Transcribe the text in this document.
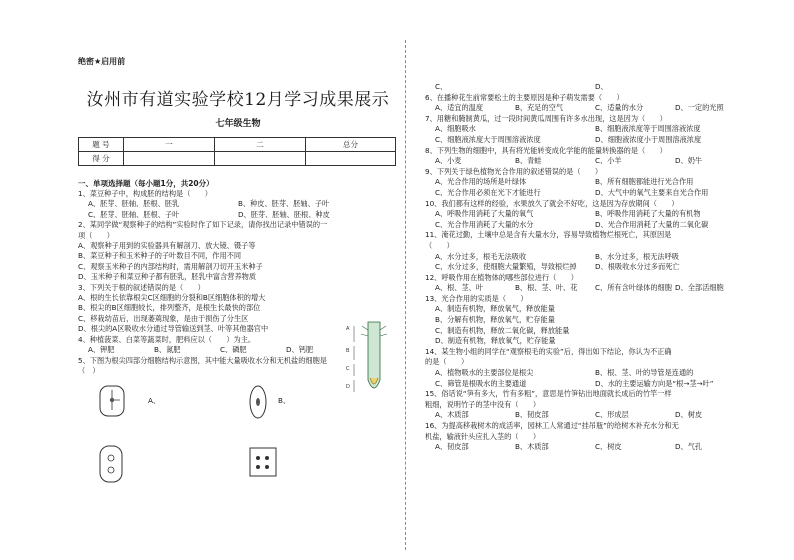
绝密★启用前
汝州市有道实验学校12月学习成果展示
七年级生物
题 号	一	二	总分
得 分			
一、单项选择题（每小题1分，共20分）
1、菜豆种子中，构成胚的结构是（　　）
A、胚芽、胚轴、胚根、胚乳	B、种皮、胚芽、胚轴、子叶
C、胚芽、胚轴、胚根、子叶	D、胚芽、胚轴、胚根、种皮
2、某同学做“观察种子的结构”实验时作了如下记录，请你找出记录中错误的一
项（　　）
A、观察种子用到的实验器具有解剖刀、放大镜、镊子等
B、菜豆种子和玉米种子的子叶数目不同，作用不同
C、观察玉米种子的内部结构时，需用解剖刀切开玉米种子
D、玉米种子和菜豆种子都有胚乳，胚乳中富含营养物质
3、下列关于根的叙述错误的是（　　）
A、根的生长依靠根尖C区细胞的分裂和B区细胞体积的增大
B、根尖的B区细胞较长，排列整齐，是根生长最快的部位
C、移栽幼苗后，出现萎蔫现象，是由于损伤了分生区
D、根尖的A区吸收水分通过导管输送到茎、叶等其他器官中
4、种植菠菜、白菜等蔬菜时，肥料应以（　　）为主。
A、钾肥	B、氮肥	C、磷肥	D、钙肥
5、下图为根尖四部分细胞结构示意图，其中能大量吸收水分和无机盐的细胞是
（　）
A、	B、
A
B
C
D
C、	D、
6、在播种花生前常要松土的主要原因是种子萌发需要（　　）
A、适宜的温度	B、充足的空气	C、适量的水分	D、一定的光照
7、用糖和腌制黄瓜，过一段时间黄瓜周围有许多水出现，这是因为（　　）
A、细胞吸水	B、细胞液浓度等于周围溶液浓度
C、细胞液浓度大于周围溶液浓度	D、细胞液浓度小于周围溶液浓度
8、下列生物的细胞中，具有将光能转变成化学能的能量转换器的是（　　）
A、小麦	B、青蛙	C、小羊	D、奶牛
9、下列关于绿色植物光合作用的叙述错误的是（　　）
A、光合作用的场所是叶绿体	B、所有细胞都能进行光合作用
C、光合作用必须在光下才能进行	D、大气中的氧气主要来自光合作用
10、我们都有这样的经验，水果放久了就会不好吃，这是因为存放期间（　　）
A、呼吸作用消耗了大量的氧气	B、呼吸作用消耗了大量的有机物
C、光合作用消耗了大量的水分	D、光合作用消耗了大量的二氧化碳
11、淹花过勤，土壤中总是含有大量水分，容易导致植物烂根死亡，其原因是
（　　）
A、水分过多，根毛无法吸收	B、水分过多，根无法呼吸
C、水分过多，使细胞大量繁殖，导致根烂掉	D、根吸收水分过多而死亡
12、呼吸作用在植物体的哪些部位进行（　　）
A、根、茎、叶	B、根、茎、叶、花 C、所有含叶绿体的细胞 D、全部活细胞
13、光合作用的实质是（　　）
A、制造有机物，释放氧气，释放能量
B、分解有机物，释放氧气，贮存能量
C、制造有机物，释放二氧化碳，释放能量
D、制造有机物，释放氧气，贮存能量
14、某生物小组的同学在“观察根毛的实验”后，得出如下结论，你认为不正确
的是（　　）
A、植物吸水的主要部位是根尖	B、根、茎、叶的导管是连通的
C、筛管是根吸水的主要通道	D、水的主要运输方向是“根→茎→叶”
15、俗话说“笋有多大，竹有多粗”，意思是竹笋钻出地面就长成后的竹竿一样
粗细，说明竹子的茎中没有（　　）
A、木质部	B、韧皮部	C、形成层	D、树皮
16、为提高移栽树木的成活率，园林工人常通过“挂吊瓶”的给树木补充水分和无
机盐，输液针头应扎入茎的（　　）
A、韧皮部	B、木质部	C、树皮	D、气孔
